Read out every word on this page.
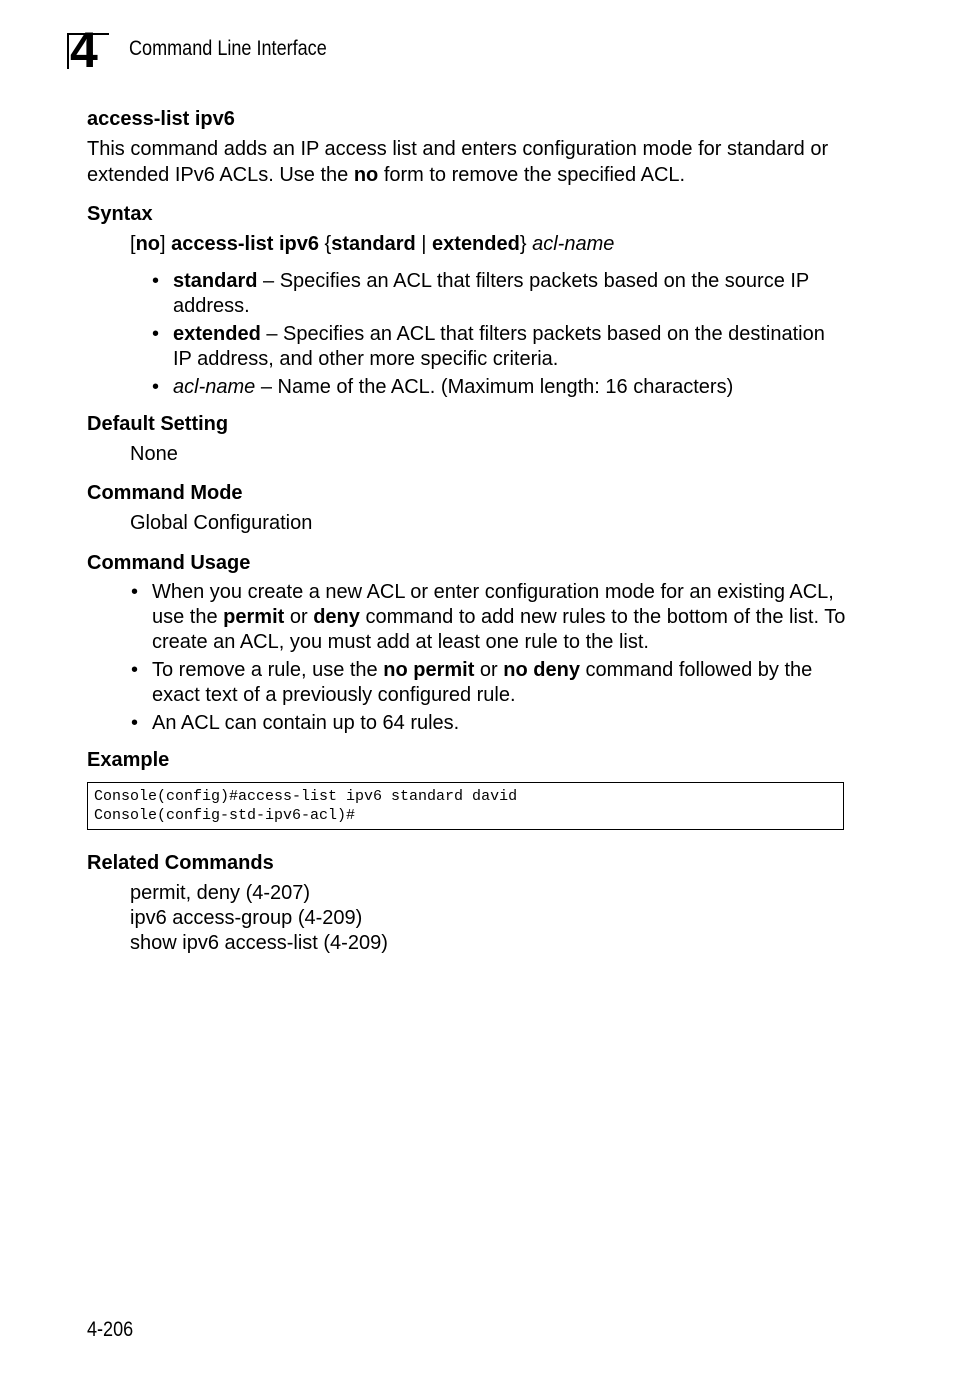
4 Command Line Interface
access-list ipv6

This command adds an IP access list and enters configuration mode for standard or extended IPv6 ACLs. Use the no form to remove the specified ACL.

Syntax
[no] access-list ipv6 {standard | extended} acl-name
• standard – Specifies an ACL that filters packets based on the source IP address.
• extended – Specifies an ACL that filters packets based on the destination IP address, and other more specific criteria.
• acl-name – Name of the ACL. (Maximum length: 16 characters)
Default Setting
None
Command Mode
Global Configuration
Command Usage
• When you create a new ACL or enter configuration mode for an existing ACL, use the permit or deny command to add new rules to the bottom of the list. To create an ACL, you must add at least one rule to the list.
• To remove a rule, use the no permit or no deny command followed by the exact text of a previously configured rule.
• An ACL can contain up to 64 rules.
Example
Console(config)#access-list ipv6 standard david
Console(config-std-ipv6-acl)#
Related Commands
permit, deny (4-207)
ipv6 access-group (4-209)
show ipv6 access-list (4-209)
4-206
